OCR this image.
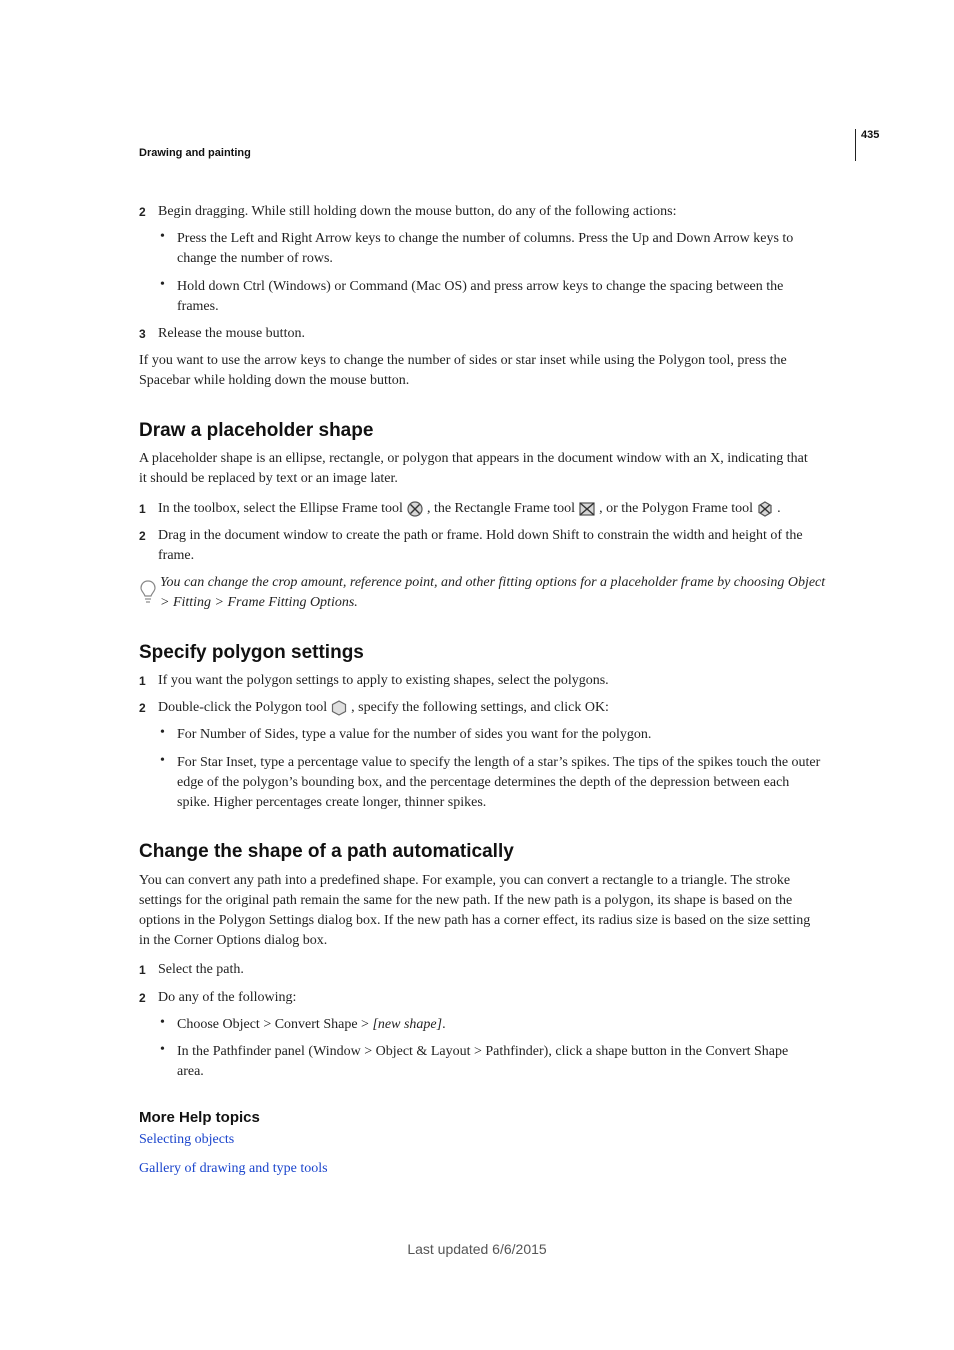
Drawing and painting
435
2 Begin dragging. While still holding down the mouse button, do any of the following actions:
• Press the Left and Right Arrow keys to change the number of columns. Press the Up and Down Arrow keys to
change the number of rows.
• Hold down Ctrl (Windows) or Command (Mac OS) and press arrow keys to change the spacing between the
frames.
3 Release the mouse button.
If you want to use the arrow keys to change the number of sides or star inset while using the Polygon tool, press the
Spacebar while holding down the mouse button.
Draw a placeholder shape
A placeholder shape is an ellipse, rectangle, or polygon that appears in the document window with an X, indicating that
it should be replaced by text or an image later.
1 In the toolbox, select the Ellipse Frame tool , the Rectangle Frame tool , or the Polygon Frame tool .
2 Drag in the document window to create the path or frame. Hold down Shift to constrain the width and height of the
frame.
You can change the crop amount, reference point, and other fitting options for a placeholder frame by choosing Object
> Fitting > Frame Fitting Options.
Specify polygon settings
1 If you want the polygon settings to apply to existing shapes, select the polygons.
2 Double-click the Polygon tool , specify the following settings, and click OK:
• For Number of Sides, type a value for the number of sides you want for the polygon.
• For Star Inset, type a percentage value to specify the length of a star’s spikes. The tips of the spikes touch the outer
edge of the polygon’s bounding box, and the percentage determines the depth of the depression between each
spike. Higher percentages create longer, thinner spikes.
Change the shape of a path automatically
You can convert any path into a predefined shape. For example, you can convert a rectangle to a triangle. The stroke
settings for the original path remain the same for the new path. If the new path is a polygon, its shape is based on the
options in the Polygon Settings dialog box. If the new path has a corner effect, its radius size is based on the size setting
in the Corner Options dialog box.
1 Select the path.
2 Do any of the following:
• Choose Object > Convert Shape > [new shape].
• In the Pathfinder panel (Window > Object & Layout > Pathfinder), click a shape button in the Convert Shape
area.
More Help topics
Selecting objects
Gallery of drawing and type tools
Last updated 6/6/2015
